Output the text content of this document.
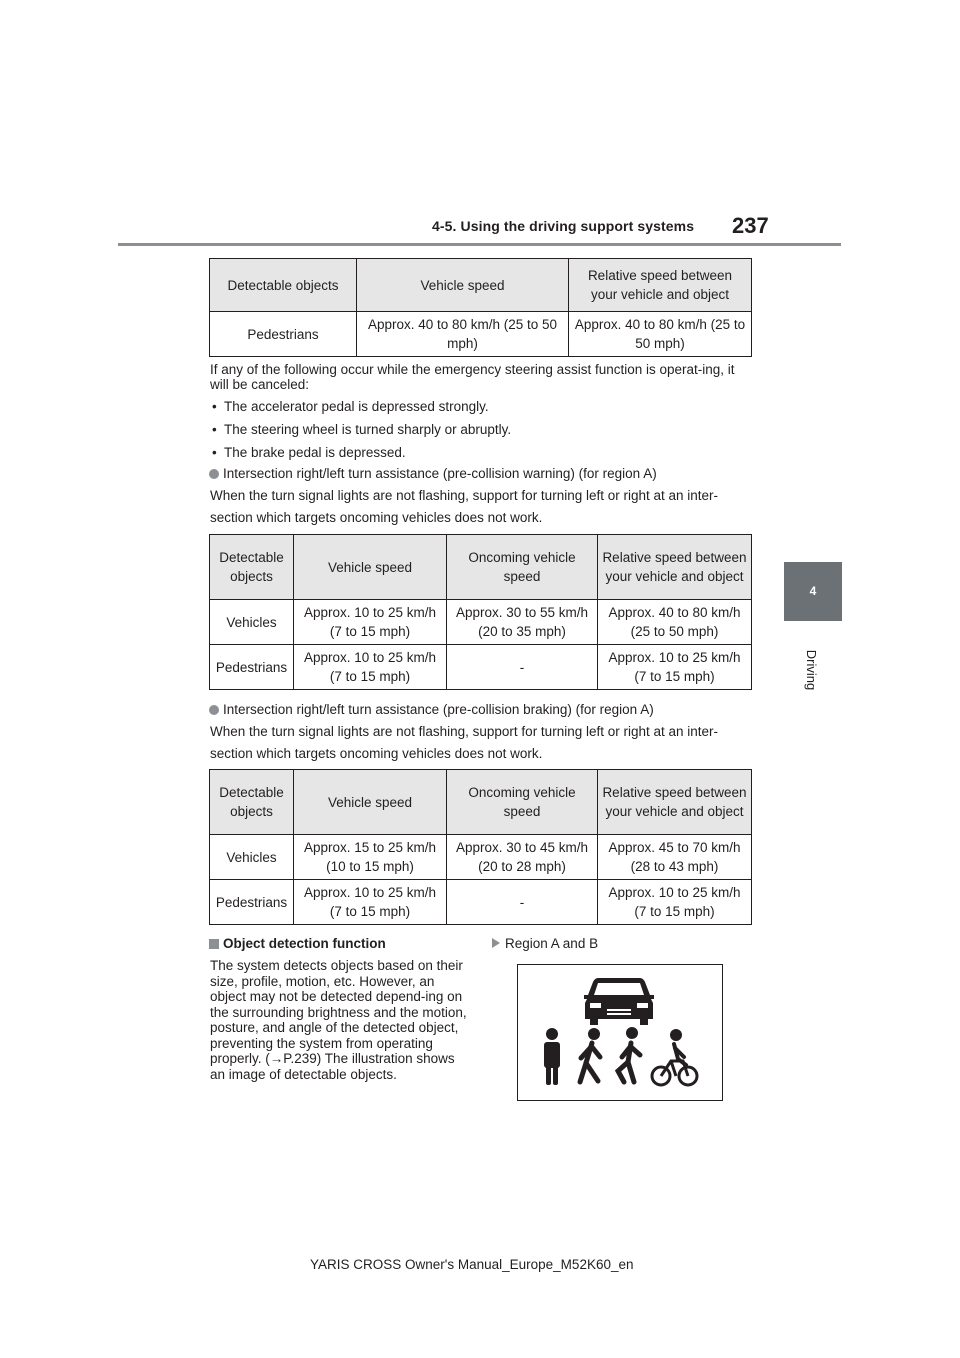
4-5. Using the driving support systems 237
4
Driving
Detectable objects	Vehicle speed	Relative speed between your vehicle and object
Pedestrians	Approx. 40 to 80 km/h (25 to 50 mph)	Approx. 40 to 80 km/h (25 to 50 mph)
If any of the following occur while the emergency steering assist function is operat-ing, it will be canceled:
•  The accelerator pedal is depressed strongly.
•  The steering wheel is turned sharply or abruptly.
•  The brake pedal is depressed.
Intersection right/left turn assistance (pre-collision warning) (for region A)
When the turn signal lights are not flashing, support for turning left or right at an inter-section which targets oncoming vehicles does not work.
Detectable objects	Vehicle speed	Oncoming vehicle speed	Relative speed between your vehicle and object
Vehicles	Approx. 10 to 25 km/h (7 to 15 mph)	Approx. 30 to 55 km/h (20 to 35 mph)	Approx. 40 to 80 km/h (25 to 50 mph)
Pedestrians	Approx. 10 to 25 km/h (7 to 15 mph)	-	Approx. 10 to 25 km/h (7 to 15 mph)
Intersection right/left turn assistance (pre-collision braking) (for region A)
When the turn signal lights are not flashing, support for turning left or right at an inter-section which targets oncoming vehicles does not work.
Detectable objects	Vehicle speed	Oncoming vehicle speed	Relative speed between your vehicle and object
Vehicles	Approx. 15 to 25 km/h (10 to 15 mph)	Approx. 30 to 45 km/h (20 to 28 mph)	Approx. 45 to 70 km/h (28 to 43 mph)
Pedestrians	Approx. 10 to 25 km/h (7 to 15 mph)	-	Approx. 10 to 25 km/h (7 to 15 mph)
Object detection function
The system detects objects based on their size, profile, motion, etc. However, an object may not be detected depend-ing on the surrounding brightness and the motion, posture, and angle of the detected object, preventing the system from operating properly. (→P.239) The illustration shows an image of detectable objects.
Region A and B
YARIS CROSS Owner's Manual_Europe_M52K60_en
